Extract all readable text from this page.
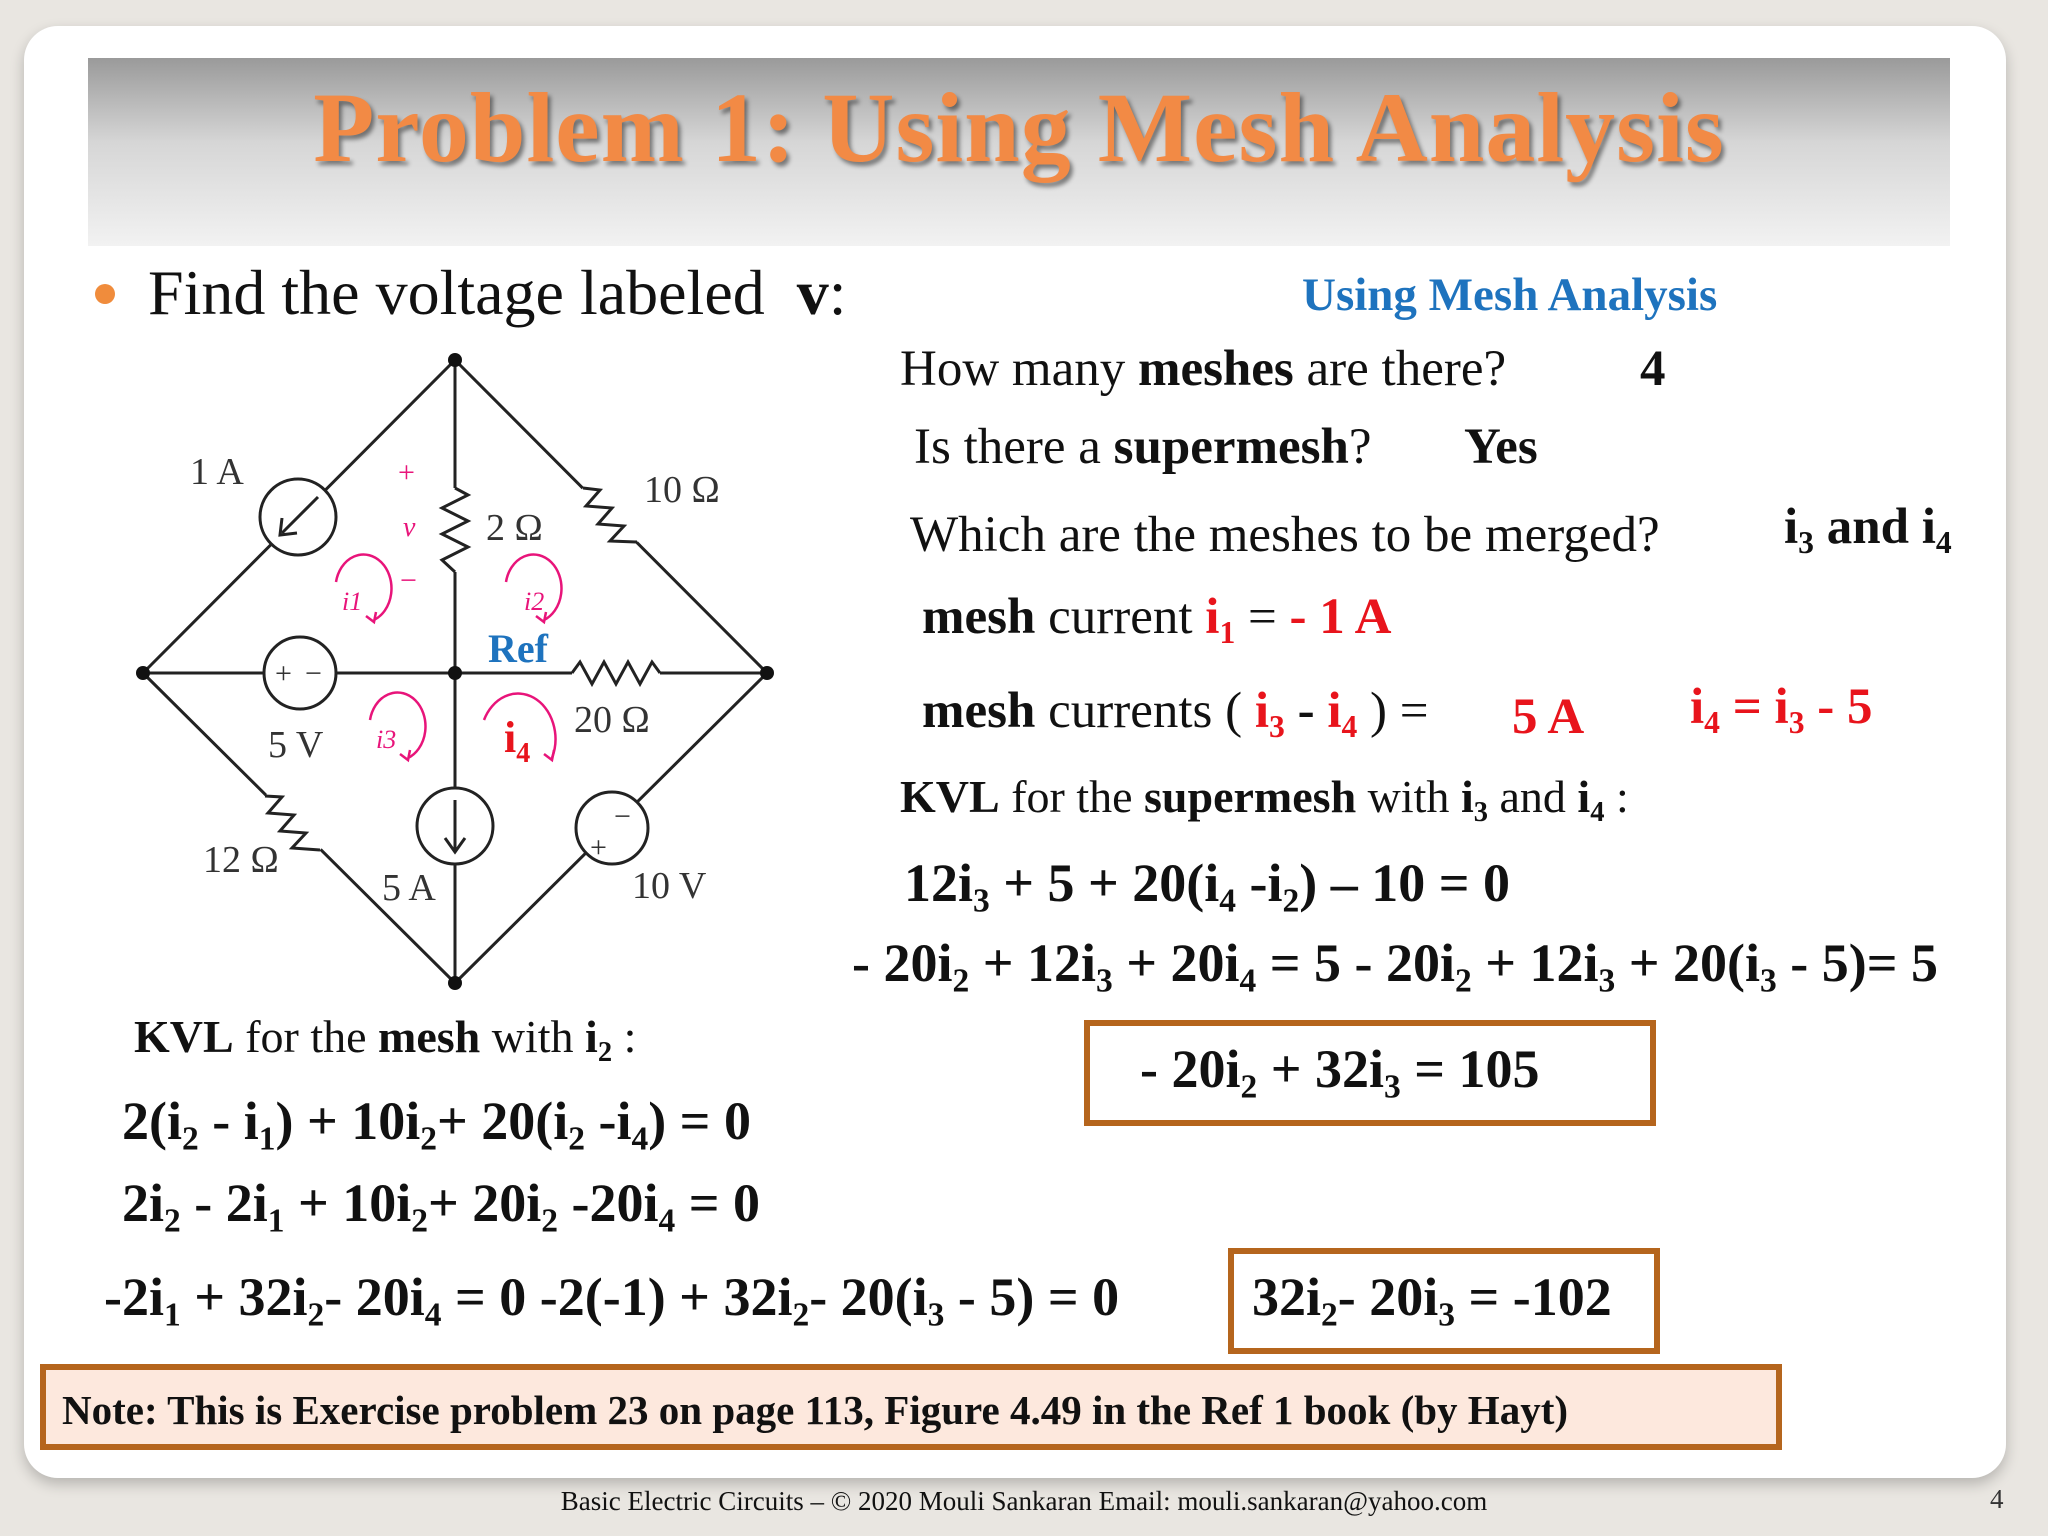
Problem 1: Using Mesh Analysis
Find the voltage labeled v:	Using Mesh Analysis
1 A
2 Ω
10 Ω
20 Ω
12 Ω
5 V
5 A	10 V
+
−
v
+ −
+
−
i1	i2
i3
Ref
$i_4$
How many meshes are there?	4
Is there a supermesh? Yes
Which are the meshes to be merged? $i_3$ and $i_4$
mesh current $i_1$ = - 1 A
mesh currents ( $i_3 - i_4$ ) = 5 A $i_4 = i_3 - 5$
KVL for the supermesh with $i_3$ and $i_4$ :
$12i_3 + 5 + 20(i_4$ $-i_2) - 10 = 0$
- $20i_2 + 12i_3 + 20i_4 = 5 - 20i_2 + 12i_3 + 20(i_3 - 5)= 5$
- $20i_2 + 32i_3 = 105$
KVL for the mesh with $i_2$ :
$2(i_2 - i_1) + 10i_2+ 20(i_2$ $-i_4) = 0$
$2i_2 - 2i_1 + 10i_2+ 20i_2$ $-20i_4 = 0$
$-2i_1 + 32i_2-$ $20i_4 = 0$ $-2(-1) + 32i_2-$ $20(i_3 - 5) = 0$ $32i_2-$ $20i_3 = -102$
Note: This is Exercise problem 23 on page 113, Figure 4.49 in the Ref 1 book (by Hayt)
Basic Electric Circuits – © 2020 Mouli Sankaran Email: mouli.sankaran@yahoo.com	4
